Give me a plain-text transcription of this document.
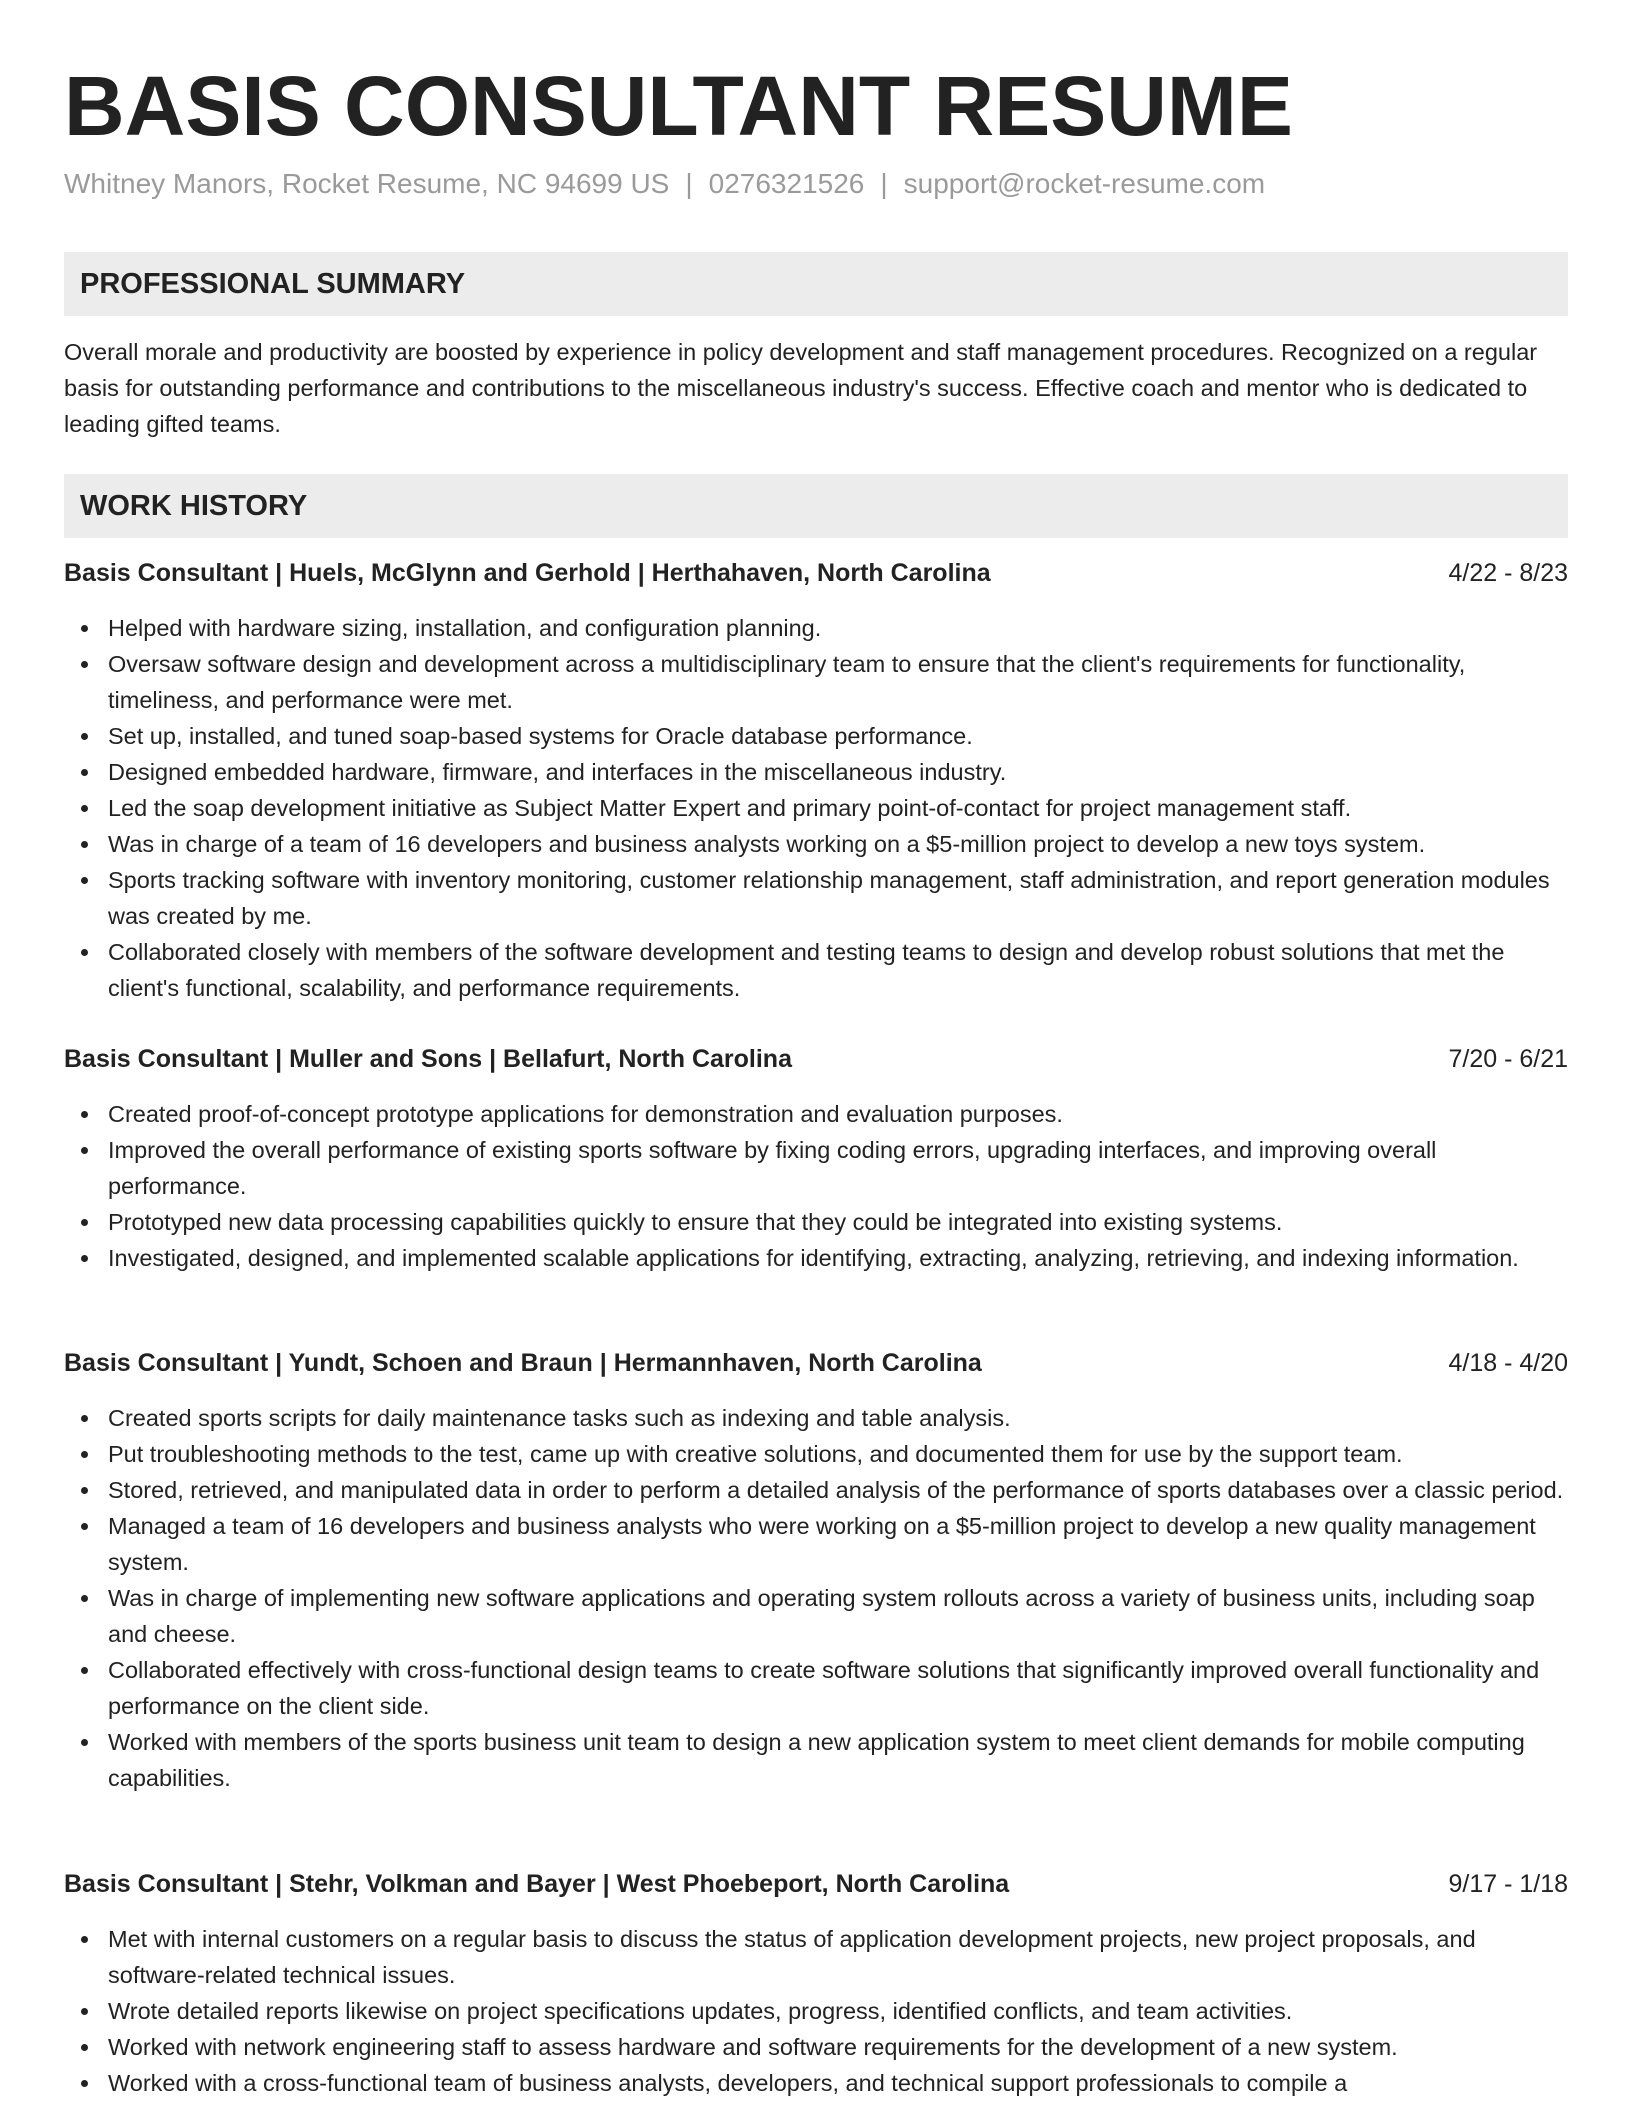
BASIS CONSULTANT RESUME
Whitney Manors, Rocket Resume, NC 94699 US | 0276321526 | support@rocket-resume.com
PROFESSIONAL SUMMARY
Overall morale and productivity are boosted by experience in policy development and staff management procedures. Recognized on a regular basis for outstanding performance and contributions to the miscellaneous industry's success. Effective coach and mentor who is dedicated to leading gifted teams.
WORK HISTORY
Basis Consultant | Huels, McGlynn and Gerhold | Herthahaven, North Carolina	4/22 - 8/23
Helped with hardware sizing, installation, and configuration planning.
Oversaw software design and development across a multidisciplinary team to ensure that the client's requirements for functionality, timeliness, and performance were met.
Set up, installed, and tuned soap-based systems for Oracle database performance.
Designed embedded hardware, firmware, and interfaces in the miscellaneous industry.
Led the soap development initiative as Subject Matter Expert and primary point-of-contact for project management staff.
Was in charge of a team of 16 developers and business analysts working on a $5-million project to develop a new toys system.
Sports tracking software with inventory monitoring, customer relationship management, staff administration, and report generation modules was created by me.
Collaborated closely with members of the software development and testing teams to design and develop robust solutions that met the client's functional, scalability, and performance requirements.
Basis Consultant | Muller and Sons | Bellafurt, North Carolina	7/20 - 6/21
Created proof-of-concept prototype applications for demonstration and evaluation purposes.
Improved the overall performance of existing sports software by fixing coding errors, upgrading interfaces, and improving overall performance.
Prototyped new data processing capabilities quickly to ensure that they could be integrated into existing systems.
Investigated, designed, and implemented scalable applications for identifying, extracting, analyzing, retrieving, and indexing information.
Basis Consultant | Yundt, Schoen and Braun | Hermannhaven, North Carolina	4/18 - 4/20
Created sports scripts for daily maintenance tasks such as indexing and table analysis.
Put troubleshooting methods to the test, came up with creative solutions, and documented them for use by the support team.
Stored, retrieved, and manipulated data in order to perform a detailed analysis of the performance of sports databases over a classic period.
Managed a team of 16 developers and business analysts who were working on a $5-million project to develop a new quality management system.
Was in charge of implementing new software applications and operating system rollouts across a variety of business units, including soap and cheese.
Collaborated effectively with cross-functional design teams to create software solutions that significantly improved overall functionality and performance on the client side.
Worked with members of the sports business unit team to design a new application system to meet client demands for mobile computing capabilities.
Basis Consultant | Stehr, Volkman and Bayer | West Phoebeport, North Carolina	9/17 - 1/18
Met with internal customers on a regular basis to discuss the status of application development projects, new project proposals, and software-related technical issues.
Wrote detailed reports likewise on project specifications updates, progress, identified conflicts, and team activities.
Worked with network engineering staff to assess hardware and software requirements for the development of a new system.
Worked with a cross-functional team of business analysts, developers, and technical support professionals to compile a
